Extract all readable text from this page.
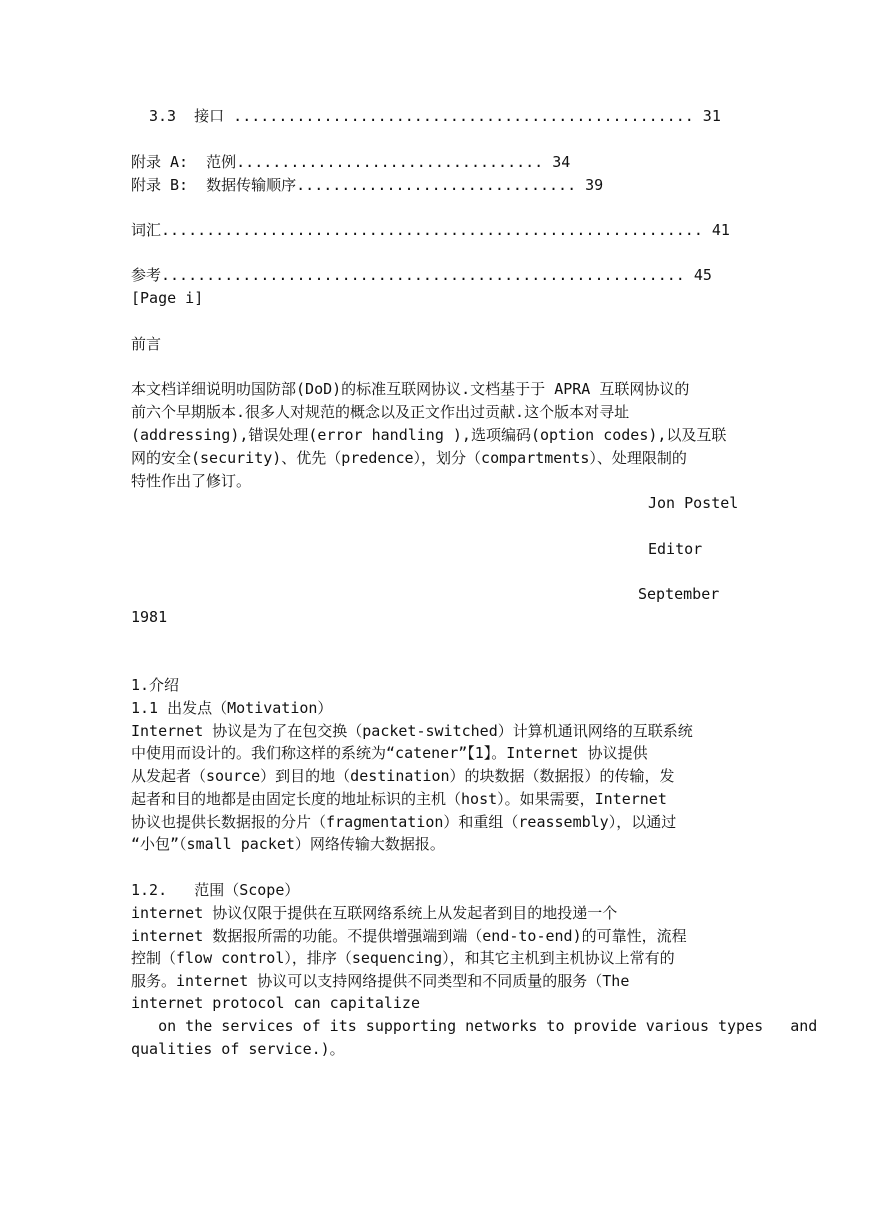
3.3  接口 ................................................... 31

附录 A:  范例.................................. 34

附录 B:  数据传输顺序............................... 39

词汇............................................................ 41

参考.......................................................... 45

[Page i]

前言

本文档详细说明叻国防部(DoD)的标准互联网协议.文档基于于 APRA 互联网协议的

前六个早期版本.很多人对规范的概念以及正文作出过贡献.这个版本对寻址

(addressing),错误处理(error handling ),选项编码(option codes),以及互联

网的安全(security)、优先（predence），划分（compartments）、处理限制的

特性作出了修订。

Jon Postel

Editor

September

1981

1.介绍

1.1 出发点（Motivation）

Internet 协议是为了在包交换（packet-switched）计算机通讯网络的互联系统

中使用而设计的。我们称这样的系统为“catener”【1】。Internet 协议提供

从发起者（source）到目的地（destination）的块数据（数据报）的传输，发

起者和目的地都是由固定长度的地址标识的主机（host）。如果需要，Internet

协议也提供长数据报的分片（fragmentation）和重组（reassembly），以通过

“小包”（small packet）网络传输大数据报。

1.2.   范围（Scope）

internet 协议仅限于提供在互联网络系统上从发起者到目的地投递一个

internet 数据报所需的功能。不提供增强端到端（end-to-end)的可靠性，流程

控制（flow control），排序（sequencing），和其它主机到主机协议上常有的

服务。internet 协议可以支持网络提供不同类型和不同质量的服务（The

internet protocol can capitalize

on the services of its supporting networks to provide various types   and

qualities of service.)。
